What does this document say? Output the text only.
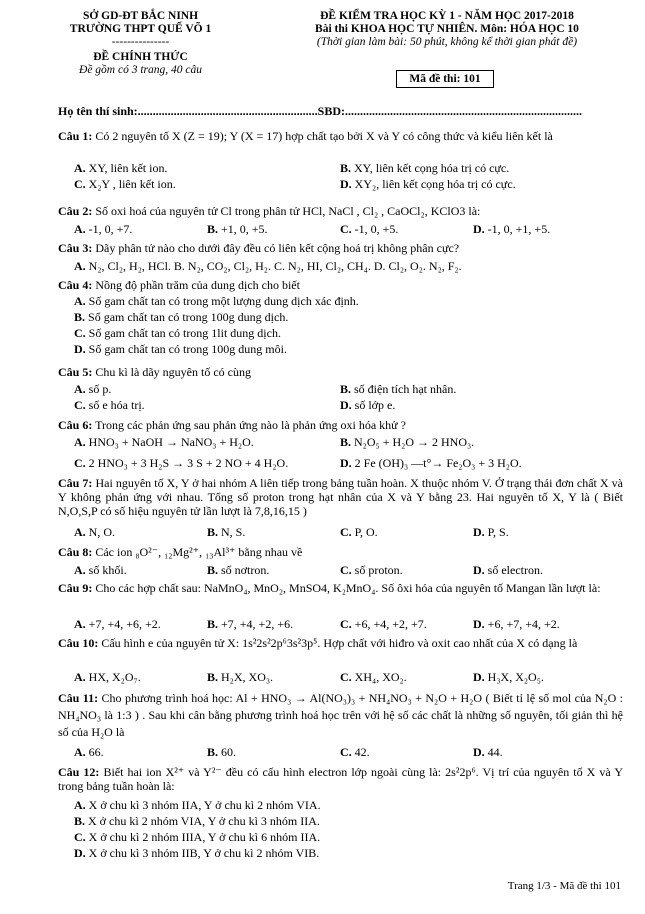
SỞ GD-ĐT BẮC NINH
TRƯỜNG THPT QUẾ VÕ 1
---------------
ĐỀ CHÍNH THỨC
Đề gồm có 3 trang, 40 câu
ĐỀ KIỂM TRA HỌC KỲ 1 - NĂM HỌC 2017-2018
Bài thi KHOA HỌC TỰ NHIÊN. Môn: HÓA HỌC 10
(Thời gian làm bài: 50 phút, không kể thời gian phát đề)
Mã đề thi: 101
Họ tên thí sinh:............................................................SBD:...............................................................................
Câu 1: Có 2 nguyên tố X (Z = 19); Y (X = 17) hợp chất tạo bởi X và Y có công thức và kiểu liên kết là
A. XY, liên kết ion.	B. XY, liên kết cọng hóa trị có cực.
C. X₂Y , liên kết ion.	D. XY₂, liên kết cọng hóa trị có cực.
Câu 2: Số oxi hoá của nguyên tử Cl trong phân tử HCl, NaCl , Cl₂ , CaOCl₂, KClO3 là:
A. -1, 0, +7.	B. +1, 0, +5.	C. -1, 0, +5.	D. -1, 0, +1, +5.
Câu 3: Dãy phân tử nào cho dưới đây đều có liên kết cộng hoá trị không phân cực?
A. N₂, Cl₂, H₂, HCl. B. N₂, CO₂, Cl₂, H₂. C. N₂, HI, Cl₂, CH₄. D. Cl₂, O₂. N₂, F₂.
Câu 4: Nồng độ phần trăm của dung dịch cho biết
A. Số gam chất tan có trong một lượng dung dịch xác định.
B. Số gam chất tan có trong 100g dung dịch.
C. Số gam chất tan có trong 1lit dung dịch.
D. Số gam chất tan có trong 100g dung môi.
Câu 5: Chu kì là dãy nguyên tố có cùng
A. số p.	B. số điện tích hạt nhân.
C. số e hóa trị.	D. số lớp e.
Câu 6: Trong các phản ứng sau phản ứng nào là phản ứng oxi hóa khử ?
A. HNO₃ + NaOH → NaNO₃ + H₂O.	B. N₂O₅ + H₂O → 2 HNO₃.
C. 2 HNO₃ + 3 H₂S → 3 S + 2 NO + 4 H₂O.	D. 2 Fe (OH)₃ —t°→ Fe₂O₃ + 3 H₂O.
Câu 7: Hai nguyên tố X, Y ở hai nhóm A liên tiếp trong bảng tuần hoàn. X thuộc nhóm V. Ở trạng thái đơn chất X và Y không phản ứng với nhau. Tổng số proton trong hạt nhân của X và Y bằng 23. Hai nguyên tố X, Y là ( Biết N,O,S,P có số hiệu nguyên tử lần lượt là 7,8,16,15 )
A. N, O.	B. N, S.	C. P, O.	D. P, S.
Câu 8: Các ion ₈O²⁻, ₁₂Mg²⁺, ₁₃Al³⁺ bằng nhau về
A. số khối.	B. số nơtron.	C. số proton.	D. số electron.
Câu 9: Cho các hợp chất sau: NaMnO₄, MnO₂, MnSO4, K₂MnO₄. Số ôxi hóa của nguyên tố Mangan lần lượt là:
A. +7, +4, +6, +2.	B. +7, +4, +2, +6.	C. +6, +4, +2, +7.	D. +6, +7, +4, +2.
Câu 10: Cấu hình e của nguyên tử X: 1s²2s²2p⁶3s²3p⁵. Hợp chất với hiđro và oxit cao nhất của X có dạng là
A. HX, X₂O₇.	B. H₂X, XO₃.	C. XH₄, XO₂.	D. H₃X, X₂O₅.
Câu 11: Cho phương trình hoá học: Al + HNO₃ → Al(NO₃)₃ + NH₄NO₃ + N₂O + H₂O ( Biết tỉ lệ số mol của N₂O : NH₄NO₃ là 1:3 ) . Sau khi cân bằng phương trình hoá học trên với hệ số các chất là những số nguyên, tối giản thì hệ số của H₂O là
A. 66.	B. 60.	C. 42.	D. 44.
Câu 12: Biết hai ion X²⁺ và Y²⁻ đều có cấu hình electron lớp ngoài cùng là: 2s²2p⁶. Vị trí của nguyên tố X và Y trong bảng tuần hoàn là:
A. X ở chu kì 3 nhóm IIA, Y ở chu kì 2 nhóm VIA.
B. X ở chu kì 2 nhóm VIA, Y ở chu kì 3 nhóm IIA.
C. X ở chu kì 2 nhóm IIIA, Y ở chu kì 6 nhóm IIA.
D. X ở chu kì 3 nhóm IIB, Y ở chu kì 2 nhóm VIB.
Trang 1/3 - Mã đề thi 101
